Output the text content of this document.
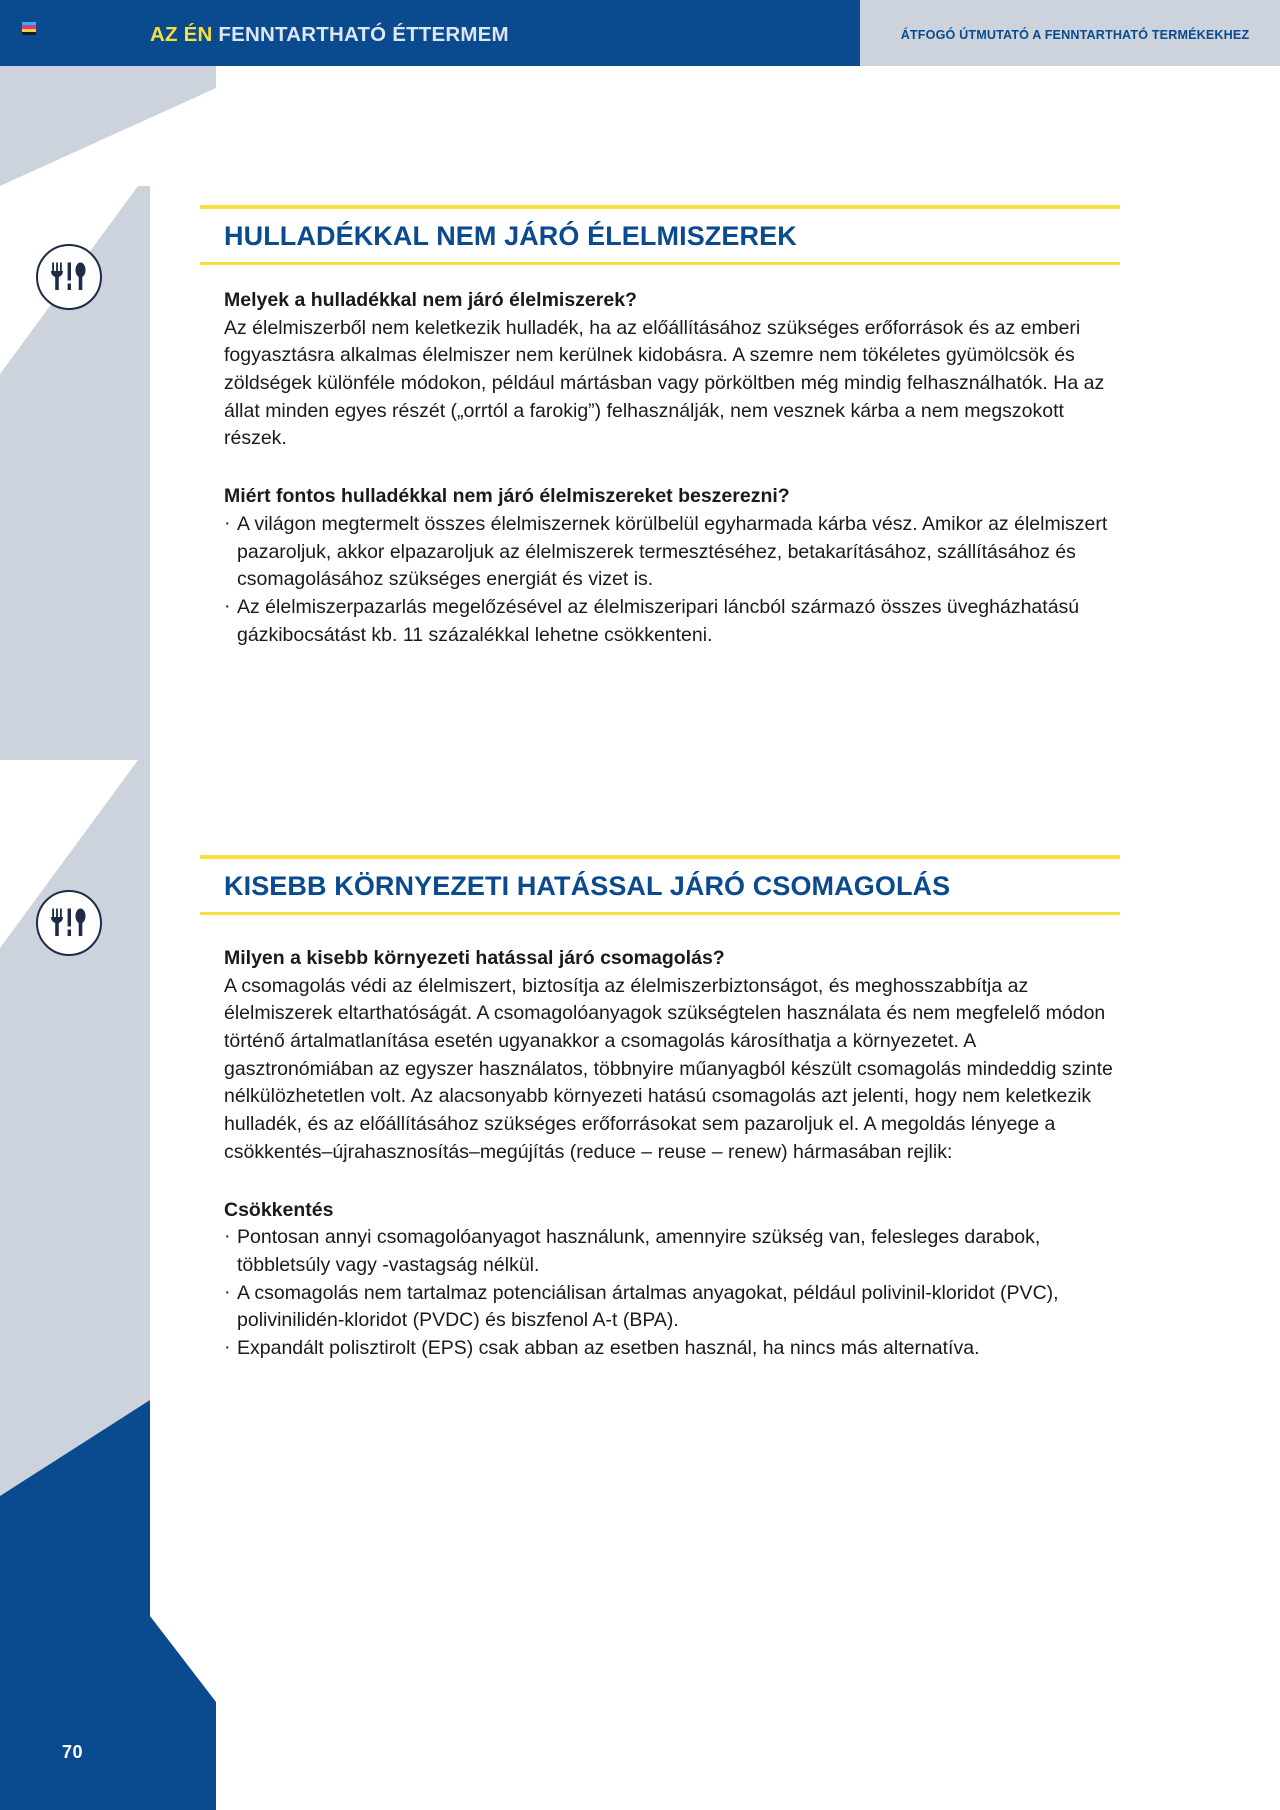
70
AZ ÉN FENNTARTHATÓ ÉTTERMEM	ÁTFOGÓ ÚTMUTATÓ A FENNTARTHATÓ TERMÉKEKHEZ
HULLADÉKKAL NEM JÁRÓ ÉLELMISZEREK

Melyek a hulladékkal nem járó élelmiszerek?

Az élelmiszerből nem keletkezik hulladék, ha az előállításához szükséges erőforrások és az emberi fogyasztásra alkalmas élelmiszer nem kerülnek kidobásra. A szemre nem tökéletes gyümölcsök és zöldségek különféle módokon, például mártásban vagy pörköltben még mindig felhasználhatók. Ha az állat minden egyes részét („orrtól a farokig”) felhasználják, nem vesznek kárba a nem megszokott részek.

Miért fontos hulladékkal nem járó élelmiszereket beszerezni?

· A világon megtermelt összes élelmiszernek körülbelül egyharmada kárba vész. Amikor az élelmiszert pazaroljuk, akkor elpazaroljuk az élelmiszerek termesztéséhez, betakarításához, szállításához és csomagolásához szükséges energiát és vizet is.
· Az élelmiszerpazarlás megelőzésével az élelmiszeripari láncból származó összes üvegházhatású gázkibocsátást kb. 11 százalékkal lehetne csökkenteni.
KISEBB KÖRNYEZETI HATÁSSAL JÁRÓ CSOMAGOLÁS

Milyen a kisebb környezeti hatással járó csomagolás?

A csomagolás védi az élelmiszert, biztosítja az élelmiszerbiztonságot, és meghosszabbítja az élelmiszerek eltarthatóságát. A csomagolóanyagok szükségtelen használata és nem megfelelő módon történő ártalmatlanítása esetén ugyanakkor a csomagolás károsíthatja a környezetet. A gasztronómiában az egyszer használatos, többnyire műanyagból készült csomagolás mindeddig szinte nélkülözhetetlen volt. Az alacsonyabb környezeti hatású csomagolás azt jelenti, hogy nem keletkezik hulladék, és az előállításához szükséges erőforrásokat sem pazaroljuk el. A megoldás lényege a csökkentés–újrahasznosítás–megújítás (reduce – reuse – renew) hármasában rejlik:

Csökkentés

· Pontosan annyi csomagolóanyagot használunk, amennyire szükség van, felesleges darabok, többletsúly vagy -vastagság nélkül.
· A csomagolás nem tartalmaz potenciálisan ártalmas anyagokat, például polivinil-kloridot (PVC), polivinilidén-kloridot (PVDC) és biszfenol A-t (BPA).
· Expandált polisztirolt (EPS) csak abban az esetben használ, ha nincs más alternatíva.
